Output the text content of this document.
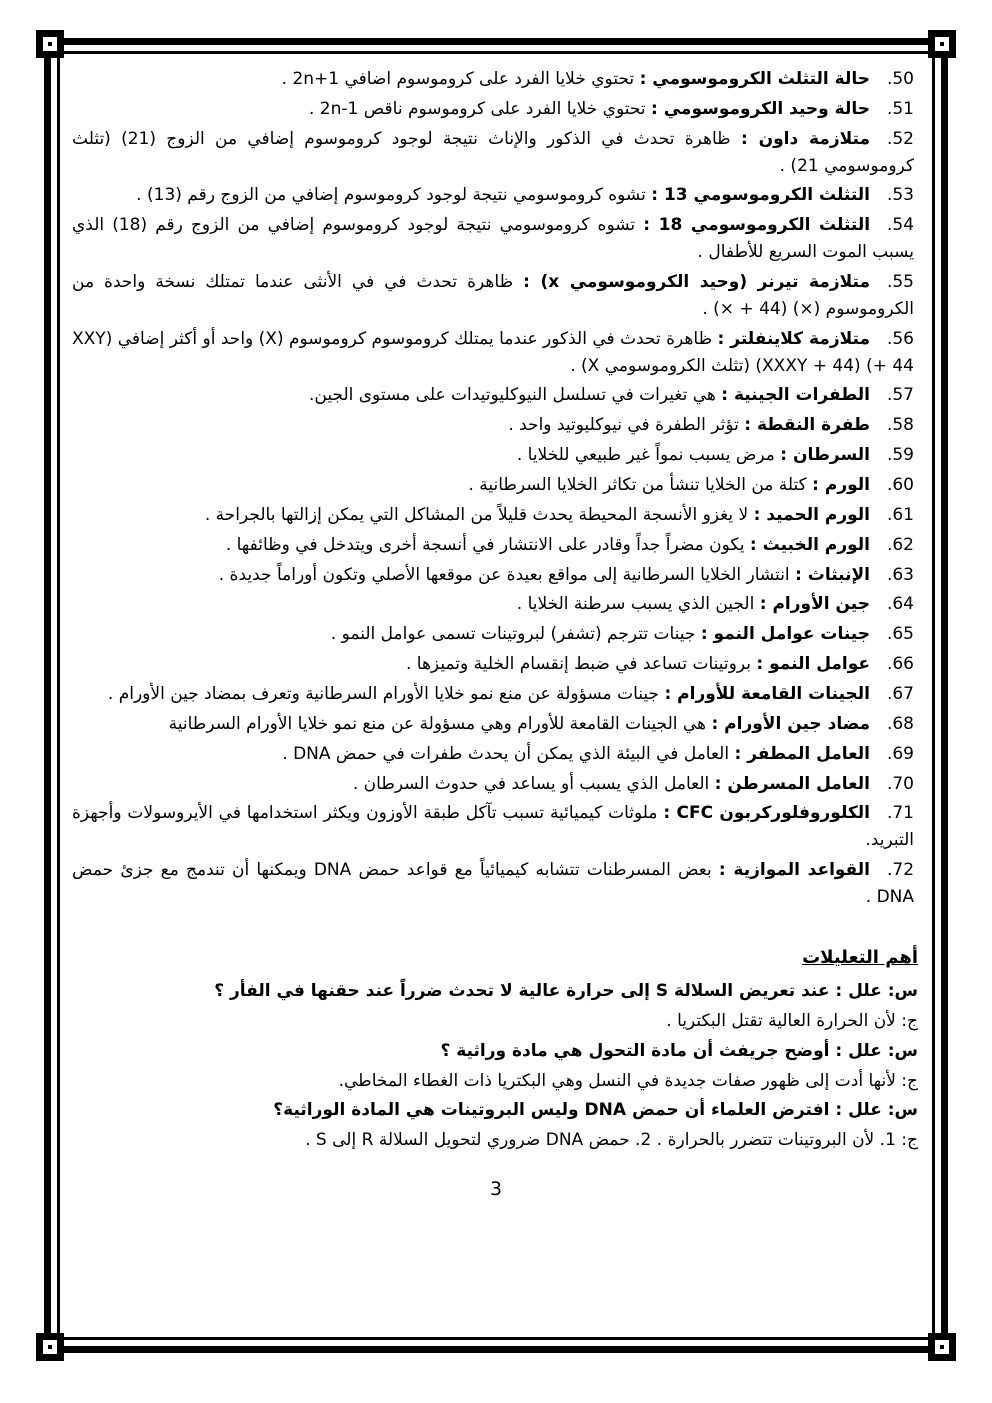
50.حالة التثلث الكروموسومي : تحتوي خلايا الفرد على كروموسوم اضافي 2n+1 .

51.حالة وحيد الكروموسومي : تحتوي خلايا الفرد على كروموسوم ناقص 2n-1 .

52.متلازمة داون : ظاهرة تحدث في الذكور والإناث نتيجة لوجود كروموسوم إضافي من الزوج (21) (تثلث كروموسومي 21) .

53.التثلث الكروموسومي 13 : تشوه كروموسومي نتيجة لوجود كروموسوم إضافي من الزوج رقم (13) .

54.التثلث الكروموسومي 18 : تشوه كروموسومي نتيجة لوجود كروموسوم إضافي من الزوج رقم (18) الذي يسبب الموت السريع للأطفال .

55.متلازمة تيرنر (وحيد الكروموسومي x) : ظاهرة تحدث في في الأنثى عندما تمتلك نسخة واحدة من الكروموسوم (×) (44 + ×) .

56.متلازمة كلاينفلتر : ظاهرة تحدث في الذكور عندما يمتلك كروموسوم كروموسوم (X) واحد أو أكثر إضافي (XXY + 44) (XXXY + 44) (تثلث الكروموسومي X) .

57.الطفرات الجينية : هي تغيرات في تسلسل النيوكليوتيدات على مستوى الجين.

58.طفرة النقطة : تؤثر الطفرة في نيوكليوتيد واحد .

59.السرطان : مرض يسبب نمواً غير طبيعي للخلايا .

60.الورم : كتلة من الخلايا تنشأ من تكاثر الخلايا السرطانية .

61.الورم الحميد : لا يغزو الأنسجة المحيطة يحدث قليلاً من المشاكل التي يمكن إزالتها بالجراحة .

62.الورم الخبيث : يكون مضراً جداً وقادر على الانتشار في أنسجة أخرى ويتدخل في وظائفها .

63.الإنبثاث : انتشار الخلايا السرطانية إلى مواقع بعيدة عن موقعها الأصلي وتكون أوراماً جديدة .

64.جين الأورام : الجين الذي يسبب سرطنة الخلايا .

65.جينات عوامل النمو : جينات تترجم (تشفر) لبروتينات تسمى عوامل النمو .

66.عوامل النمو : بروتينات تساعد في ضبط إنقسام الخلية وتميزها .

67.الجينات القامعة للأورام : جينات مسؤولة عن منع نمو خلايا الأورام السرطانية وتعرف بمضاد جين الأورام .

68.مضاد جين الأورام : هي الجينات القامعة للأورام وهي مسؤولة عن منع نمو خلايا الأورام السرطانية

69.العامل المطفر : العامل في البيئة الذي يمكن أن يحدث طفرات في حمض DNA .

70.العامل المسرطن : العامل الذي يسبب أو يساعد في حدوث السرطان .

71.الكلوروفلوركربون CFC : ملوثات كيميائية تسبب تآكل طبقة الأوزون ويكثر استخدامها في الأيروسولات وأجهزة التبريد.

72.القواعد الموازية : بعض المسرطنات تتشابه كيميائياً مع قواعد حمض DNA ويمكنها أن تندمج مع جزئ حمض DNA .

أهم التعليلات

س: علل : عند تعريض السلالة S إلى حرارة عالية لا تحدث ضرراً عند حقنها في الفأر ؟

ج: لأن الحرارة العالية تقتل البكتريا .

س: علل : أوضح جريفث أن مادة التحول هي مادة وراثية ؟

ج: لأنها أدت إلى ظهور صفات جديدة في النسل وهي البكتريا ذات الغطاء المخاطي.

س: علل : افترض العلماء أن حمض DNA وليس البروتينات هي المادة الوراثية؟

ج: 1. لأن البروتينات تتضرر بالحرارة . 2. حمض DNA ضروري لتحويل السلالة R إلى S .

3
